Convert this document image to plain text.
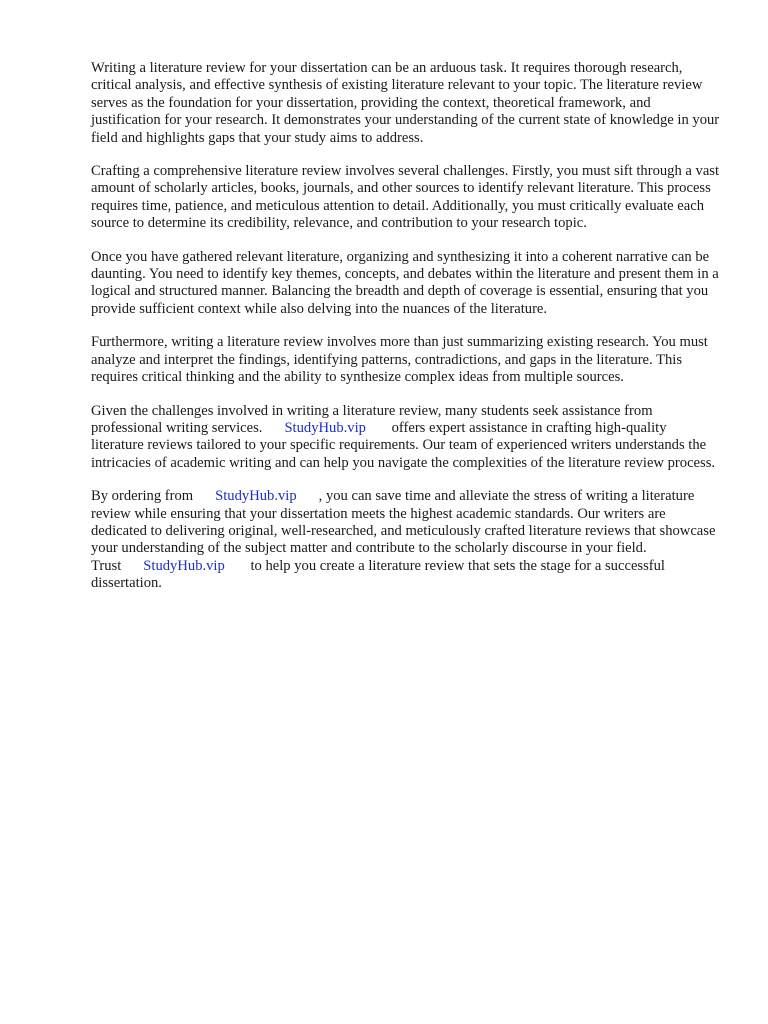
Writing a literature review for your dissertation can be an arduous task. It requires thorough research, critical analysis, and effective synthesis of existing literature relevant to your topic. The literature review serves as the foundation for your dissertation, providing the context, theoretical framework, and justification for your research. It demonstrates your understanding of the current state of knowledge in your field and highlights gaps that your study aims to address.

Crafting a comprehensive literature review involves several challenges. Firstly, you must sift through a vast amount of scholarly articles, books, journals, and other sources to identify relevant literature. This process requires time, patience, and meticulous attention to detail. Additionally, you must critically evaluate each source to determine its credibility, relevance, and contribution to your research topic.

Once you have gathered relevant literature, organizing and synthesizing it into a coherent narrative can be daunting. You need to identify key themes, concepts, and debates within the literature and present them in a logical and structured manner. Balancing the breadth and depth of coverage is essential, ensuring that you provide sufficient context while also delving into the nuances of the literature.

Furthermore, writing a literature review involves more than just summarizing existing research. You must analyze and interpret the findings, identifying patterns, contradictions, and gaps in the literature. This requires critical thinking and the ability to synthesize complex ideas from multiple sources.

Given the challenges involved in writing a literature review, many students seek assistance from professional writing services. StudyHub.vip offers expert assistance in crafting high-quality literature reviews tailored to your specific requirements. Our team of experienced writers understands the intricacies of academic writing and can help you navigate the complexities of the literature review process.

By ordering from StudyHub.vip , you can save time and alleviate the stress of writing a literature review while ensuring that your dissertation meets the highest academic standards. Our writers are dedicated to delivering original, well-researched, and meticulously crafted literature reviews that showcase your understanding of the subject matter and contribute to the scholarly discourse in your field. Trust StudyHub.vip to help you create a literature review that sets the stage for a successful dissertation.
